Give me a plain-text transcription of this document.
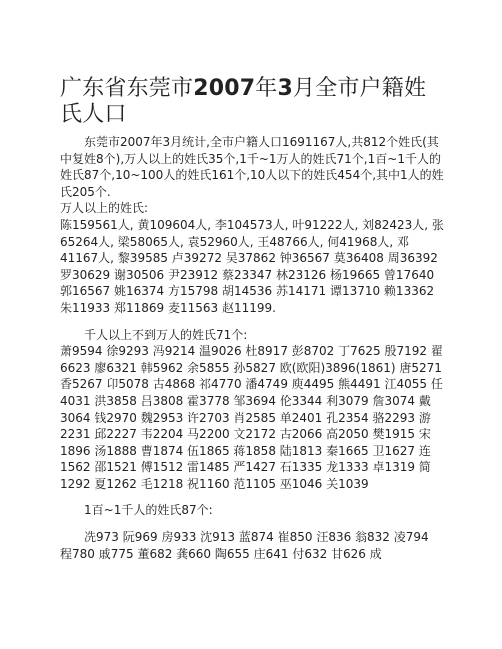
广东省东莞市2007年3月全市户籍姓氏人口

东莞市2007年3月统计,全市户籍人口1691167人,共812个姓氏(其中复姓8个),万人以上的姓氏35个,1千~1万人的姓氏71个,1百~1千人的姓氏87个,10~100人的姓氏161个,10人以下的姓氏454个,其中1人的姓氏205个.

万人以上的姓氏:

陈159561人, 黄109604人, 李104573人, 叶91222人, 刘82423人, 张65264人, 梁58065人, 袁52960人, 王48766人, 何41968人, 邓41167人, 黎39585 卢39272 吴37862 钟36567 莫36408 周36392 罗30629 谢30506 尹23912 蔡23347 林23126 杨19665 曾17640 郭16567 姚16374 方15798 胡14536 苏14171 谭13710 赖13362 朱11933 郑11869 麦11563 赵11199.

千人以上不到万人的姓氏71个:

萧9594 徐9293 冯9214 温9026 杜8917 彭8702 丁7625 殷7192 翟6623 廖6321 韩5962 余5855 孙5827 欧(欧阳)3896(1861) 唐5271 香5267 卬5078 古4868 祁4770 潘4749 庾4495 熊4491 江4055 任4031 洪3858 吕3808 霍3778 邹3694 伦3344 利3079 詹3074 戴3064 钱2970 魏2953 许2703 肖2585 单2401 孔2354 骆2293 游2231 邱2227 韦2204 马2200 文2172 古2066 高2050 樊1915 宋1896 汤1888 曹1874 伍1865 蒋1858 陆1813 秦1665 卫1627 连1562 邵1521 傅1512 雷1485 严1427 石1335 龙1333 卓1319 简1292 夏1262 毛1218 祝1160 范1105 巫1046 关1039

1百~1千人的姓氏87个:

冼973 阮969 房933 沈913 蓝874 崔850 汪836 翁832 凌794 程780 戚775 董682 龚660 陶655 庄641 付632 甘626 成
